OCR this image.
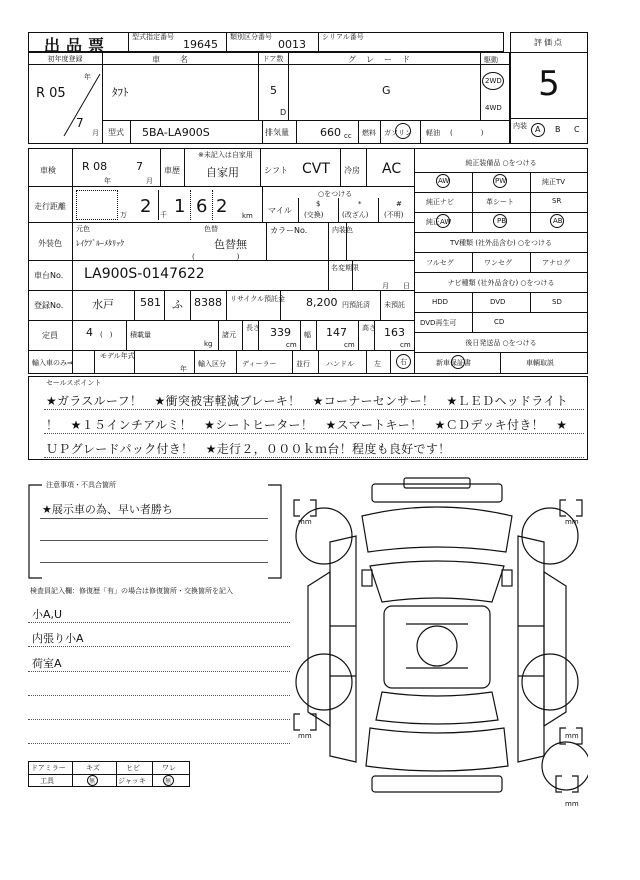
出品票	型式指定番号
19645
類別区分番号
0013
シリアル番号
評価点
5
内装 A B C
初年度登録
年
R 05
7
月
車名
ﾀﾌﾄ
ドア数
5
D
グレード
G
駆動
2WD
4WD
型式 5BA-LA900S	排気量	660 cc 燃料 ガソリン 軽油 (　　　　)
車検 R 08
年
7
月
車歴
※未記入は自家用
自家用	シフト CVT 冷房 AC
走行距離
万 2 千 1 6 2 km
○をつける
マイル
$
(交換)
*
(改ざん)
#
(不明)
外装色
元色
ﾚｲｸﾌﾞﾙｰﾒﾀﾘｯｸ
色替
色替無
(　　　　　　)
カラーNo.	内装色
車台No. LA900S-0147622	名変期限
月　　日
登録No.	水戸 581 ふ 8388 リサイクル預託金 8,200 円預託済 未預託
定員	4 (　)	積載量
kg
諸元
長さ 339
cm
幅 147
cm
高さ 163
cm
輸入車のみ⇒
モデル年式
年
輸入区分 ディーラー	並行 ハンドル	左	右
純正装備品 ○をつける
AW	PW	純正TV
純正ナビ	革シート	SR
純正AW	PB	AB
TV種類 (社外品含む) ○をつける
フルセグ	ワンセグ	アナログ
ナビ種類 (社外品含む) ○をつける
HDD	DVD	SD
DVD再生可	CD
後日発送品 ○をつける
新車保証書	車輌取説
セールスポイント
★ガラスルーフ！　★衝突被害軽減ブレーキ！　★コーナーセンサー！　★ＬＥＤヘッドライト
！　★１５インチアルミ！　★シートヒーター！　★スマートキー！　★ＣＤデッキ付き！　★
ＵＰグレードパック付き！　★走行２，０００ｋｍ台！程度も良好です！
注意事項・不具合箇所
★展示車の為、早い者勝ち
検査員記入欄：修復歴「有」の場合は修復箇所・交換箇所を記入
小A,U
内張り小A
荷室A
ドアミラー	キズ	ヒビ	ワレ
工具	無	ジャッキ	無
mm	mm
mm	mm
mm
